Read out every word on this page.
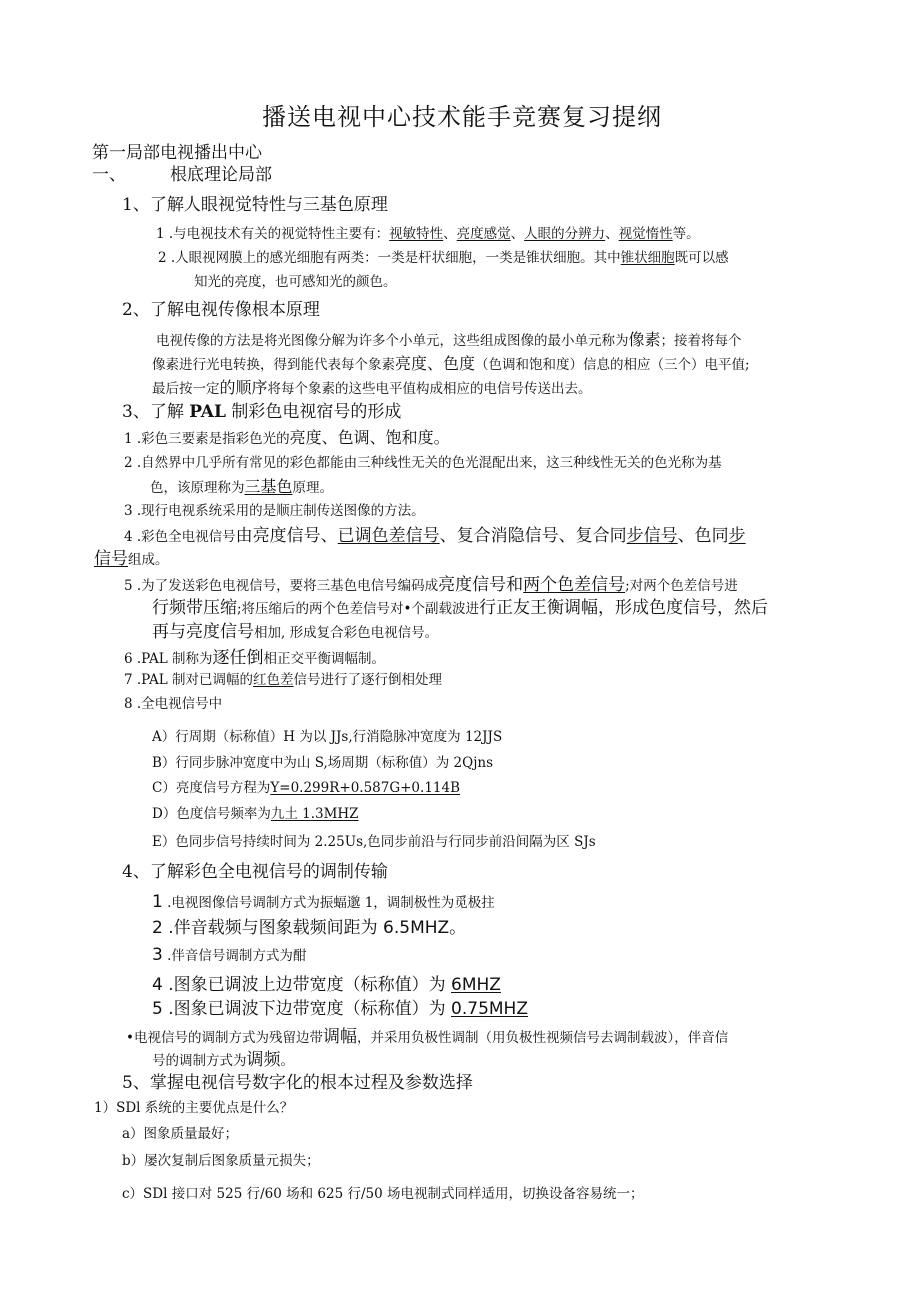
播送电视中心技术能手竞赛复习提纲
第一局部电视播出中心
一、	根底理论局部
1、了解人眼视觉特性与三基色原理
1 .与电视技术有关的视觉特性主要有：视敏特性、亮度感觉、人眼的分辨力、视觉惰性等。
2 .人眼视网膜上的感光细胞有两类：一类是杆状细胞，一类是锥状细胞。其中锥状细胞既可以感
知光的亮度，也可感知光的颜色。
2、了解电视传像根本原理
电视传像的方法是将光图像分解为许多个小单元，这些组成图像的最小单元称为像素；接着将每个
像素进行光电转换，得到能代表每个象素亮度、色度（色调和饱和度）信息的相应（三个）电平值;
最后按一定的顺序将每个象素的这些电平值构成相应的电信号传送出去。
3、了解 PAL 制彩色电视宿号的形成
1 .彩色三要素是指彩色光的亮度、色调、饱和度。
2 .自然界中几乎所有常见的彩色都能由三种线性无关的色光混配出来，这三种线性无关的色光称为基
色，该原理称为三基色原理。
3 .现行电视系统采用的是顺庄制传送图像的方法。
4 .彩色全电视信号由亮度信号、已调色差信号、复合消隐信号、复合同步信号、色同步
信号组成。
5 .为了发送彩色电视信号，要将三基色电信号编码成亮度信号和两个色差信号;对两个色差信号进
行频带压缩;将压缩后的两个色差信号对•个副载波进行正友王衡调幅，形成色度信号，然后
再与亮度信号相加, 形成复合彩色电视信号。
6 .PAL 制称为逐任倒相正交平衡调幅制。
7 .PAL 制对已调幅的红色差信号进行了逐行倒相处理
8 .全电视信号中
A）行周期（标称值）H 为以 JJs,行消隐脉冲宽度为 12JJS
B）行同步脉冲宽度中为山 S,场周期（标称值）为 2Qjns
C）亮度信号方程为Y=0.299R+0.587G+0.114B
D）色度信号频率为九土 1.3MHZ
E）色同步信号持续时间为 2.25Us,色同步前沿与行同步前沿间隔为区 SJs
4、了解彩色全电视信号的调制传输
1 .电视图像信号调制方式为振蝠邈 1，调制极性为觅极拄
2 .伴音载频与图象载频间距为 6.5MHZ。
3 .伴音信号调制方式为酣
4 .图象已调波上边带宽度（标称值）为 6MHZ
5 .图象已调波下边带宽度（标称值）为 0.75MHZ
•电视信号的调制方式为残留边带调幅，并采用负极性调制（用负极性视频信号去调制载波），伴音信
号的调制方式为调频。
5、掌握电视信号数字化的根本过程及参数选择
1）SDl 系统的主要优点是什么？
a）图象质量最好；
b）屡次复制后图象质量元损失；
c）SDl 接口对 525 行/60 场和 625 行/50 场电视制式同样适用，切换设备容易统一；
